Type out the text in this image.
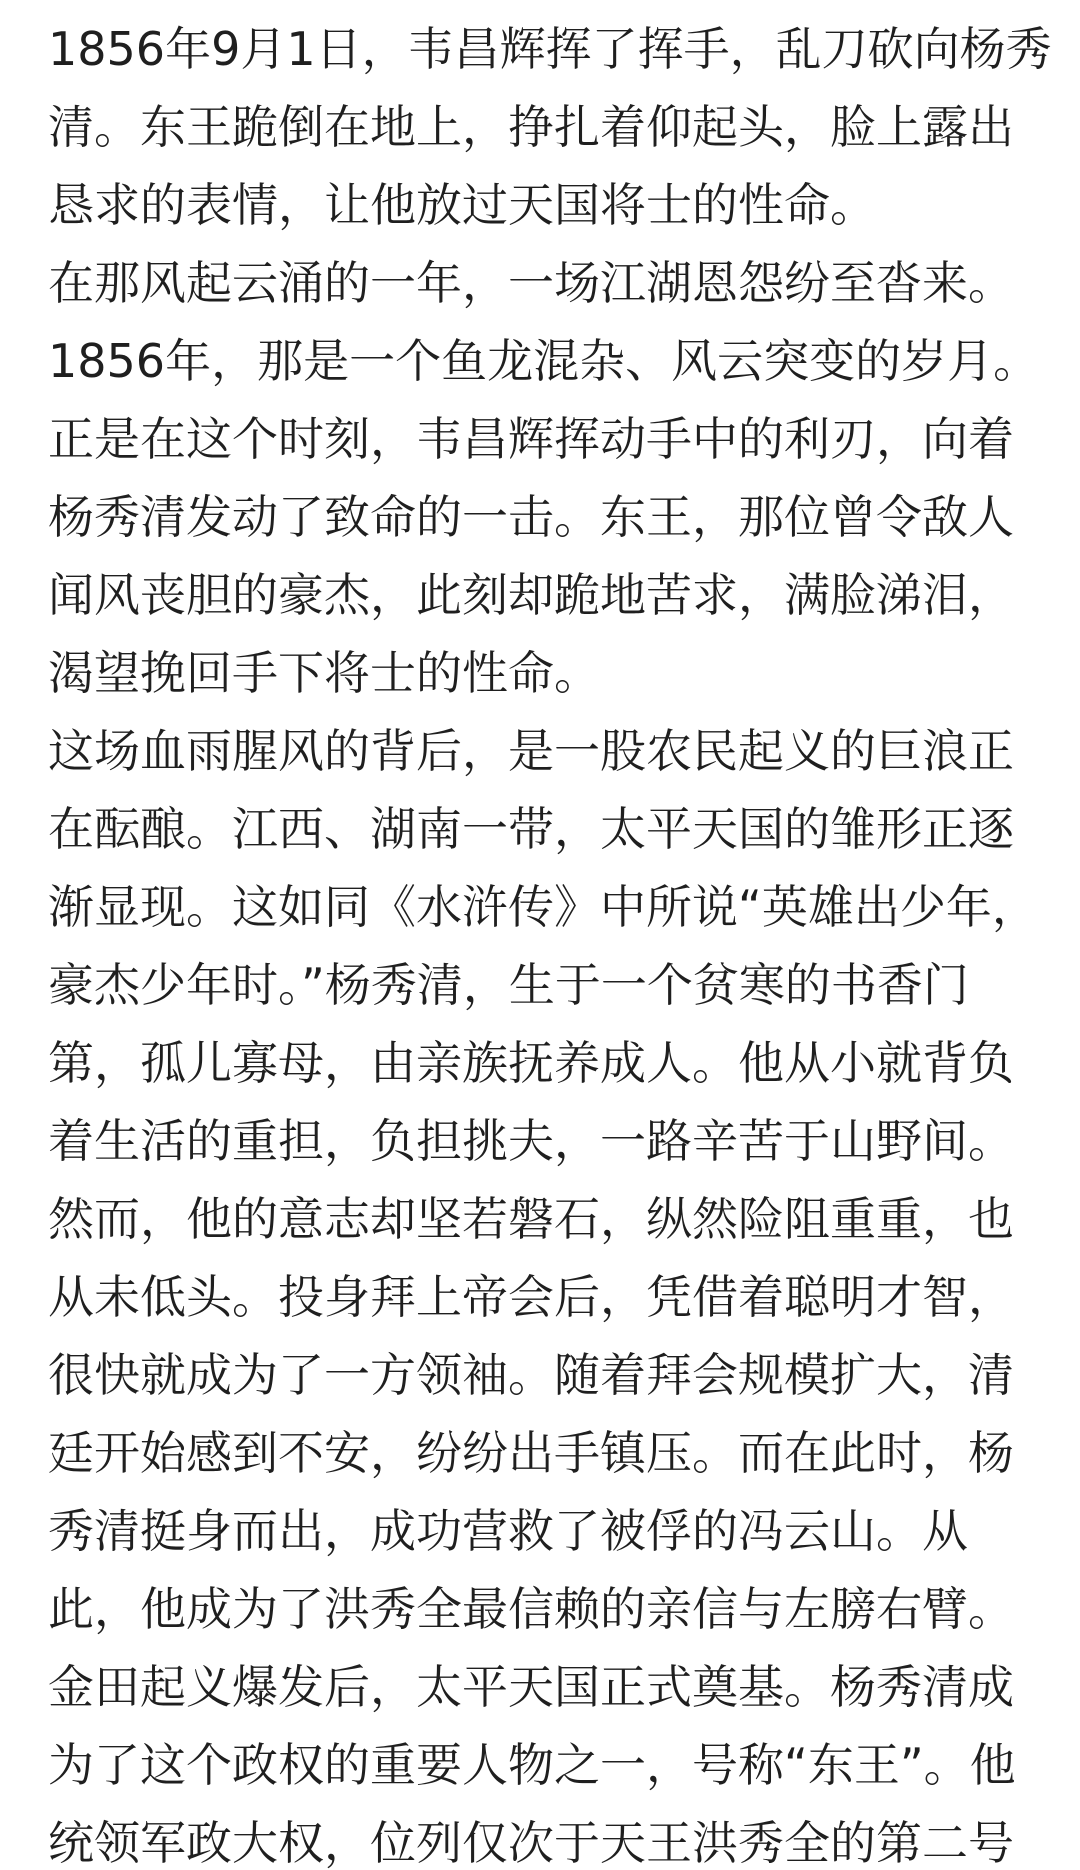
1856年9月1日，韦昌辉挥了挥手，乱刀砍向杨秀
清。东王跪倒在地上，挣扎着仰起头，脸上露出
恳求的表情，让他放过天国将士的性命。
在那风起云涌的一年，一场江湖恩怨纷至沓来。
1856年，那是一个鱼龙混杂、风云突变的岁月。
正是在这个时刻，韦昌辉挥动手中的利刃，向着
杨秀清发动了致命的一击。东王，那位曾令敌人
闻风丧胆的豪杰，此刻却跪地苦求，满脸涕泪，
渴望挽回手下将士的性命。
这场血雨腥风的背后，是一股农民起义的巨浪正
在酝酿。江西、湖南一带，太平天国的雏形正逐
渐显现。这如同《水浒传》中所说“英雄出少年，
豪杰少年时。”杨秀清，生于一个贫寒的书香门
第，孤儿寡母，由亲族抚养成人。他从小就背负
着生活的重担，负担挑夫，一路辛苦于山野间。
然而，他的意志却坚若磐石，纵然险阻重重，也
从未低头。投身拜上帝会后，凭借着聪明才智，
很快就成为了一方领袖。随着拜会规模扩大，清
廷开始感到不安，纷纷出手镇压。而在此时，杨
秀清挺身而出，成功营救了被俘的冯云山。从
此，他成为了洪秀全最信赖的亲信与左膀右臂。
金田起义爆发后，太平天国正式奠基。杨秀清成
为了这个政权的重要人物之一，号称“东王”。他
统领军政大权，位列仅次于天王洪秀全的第二号
